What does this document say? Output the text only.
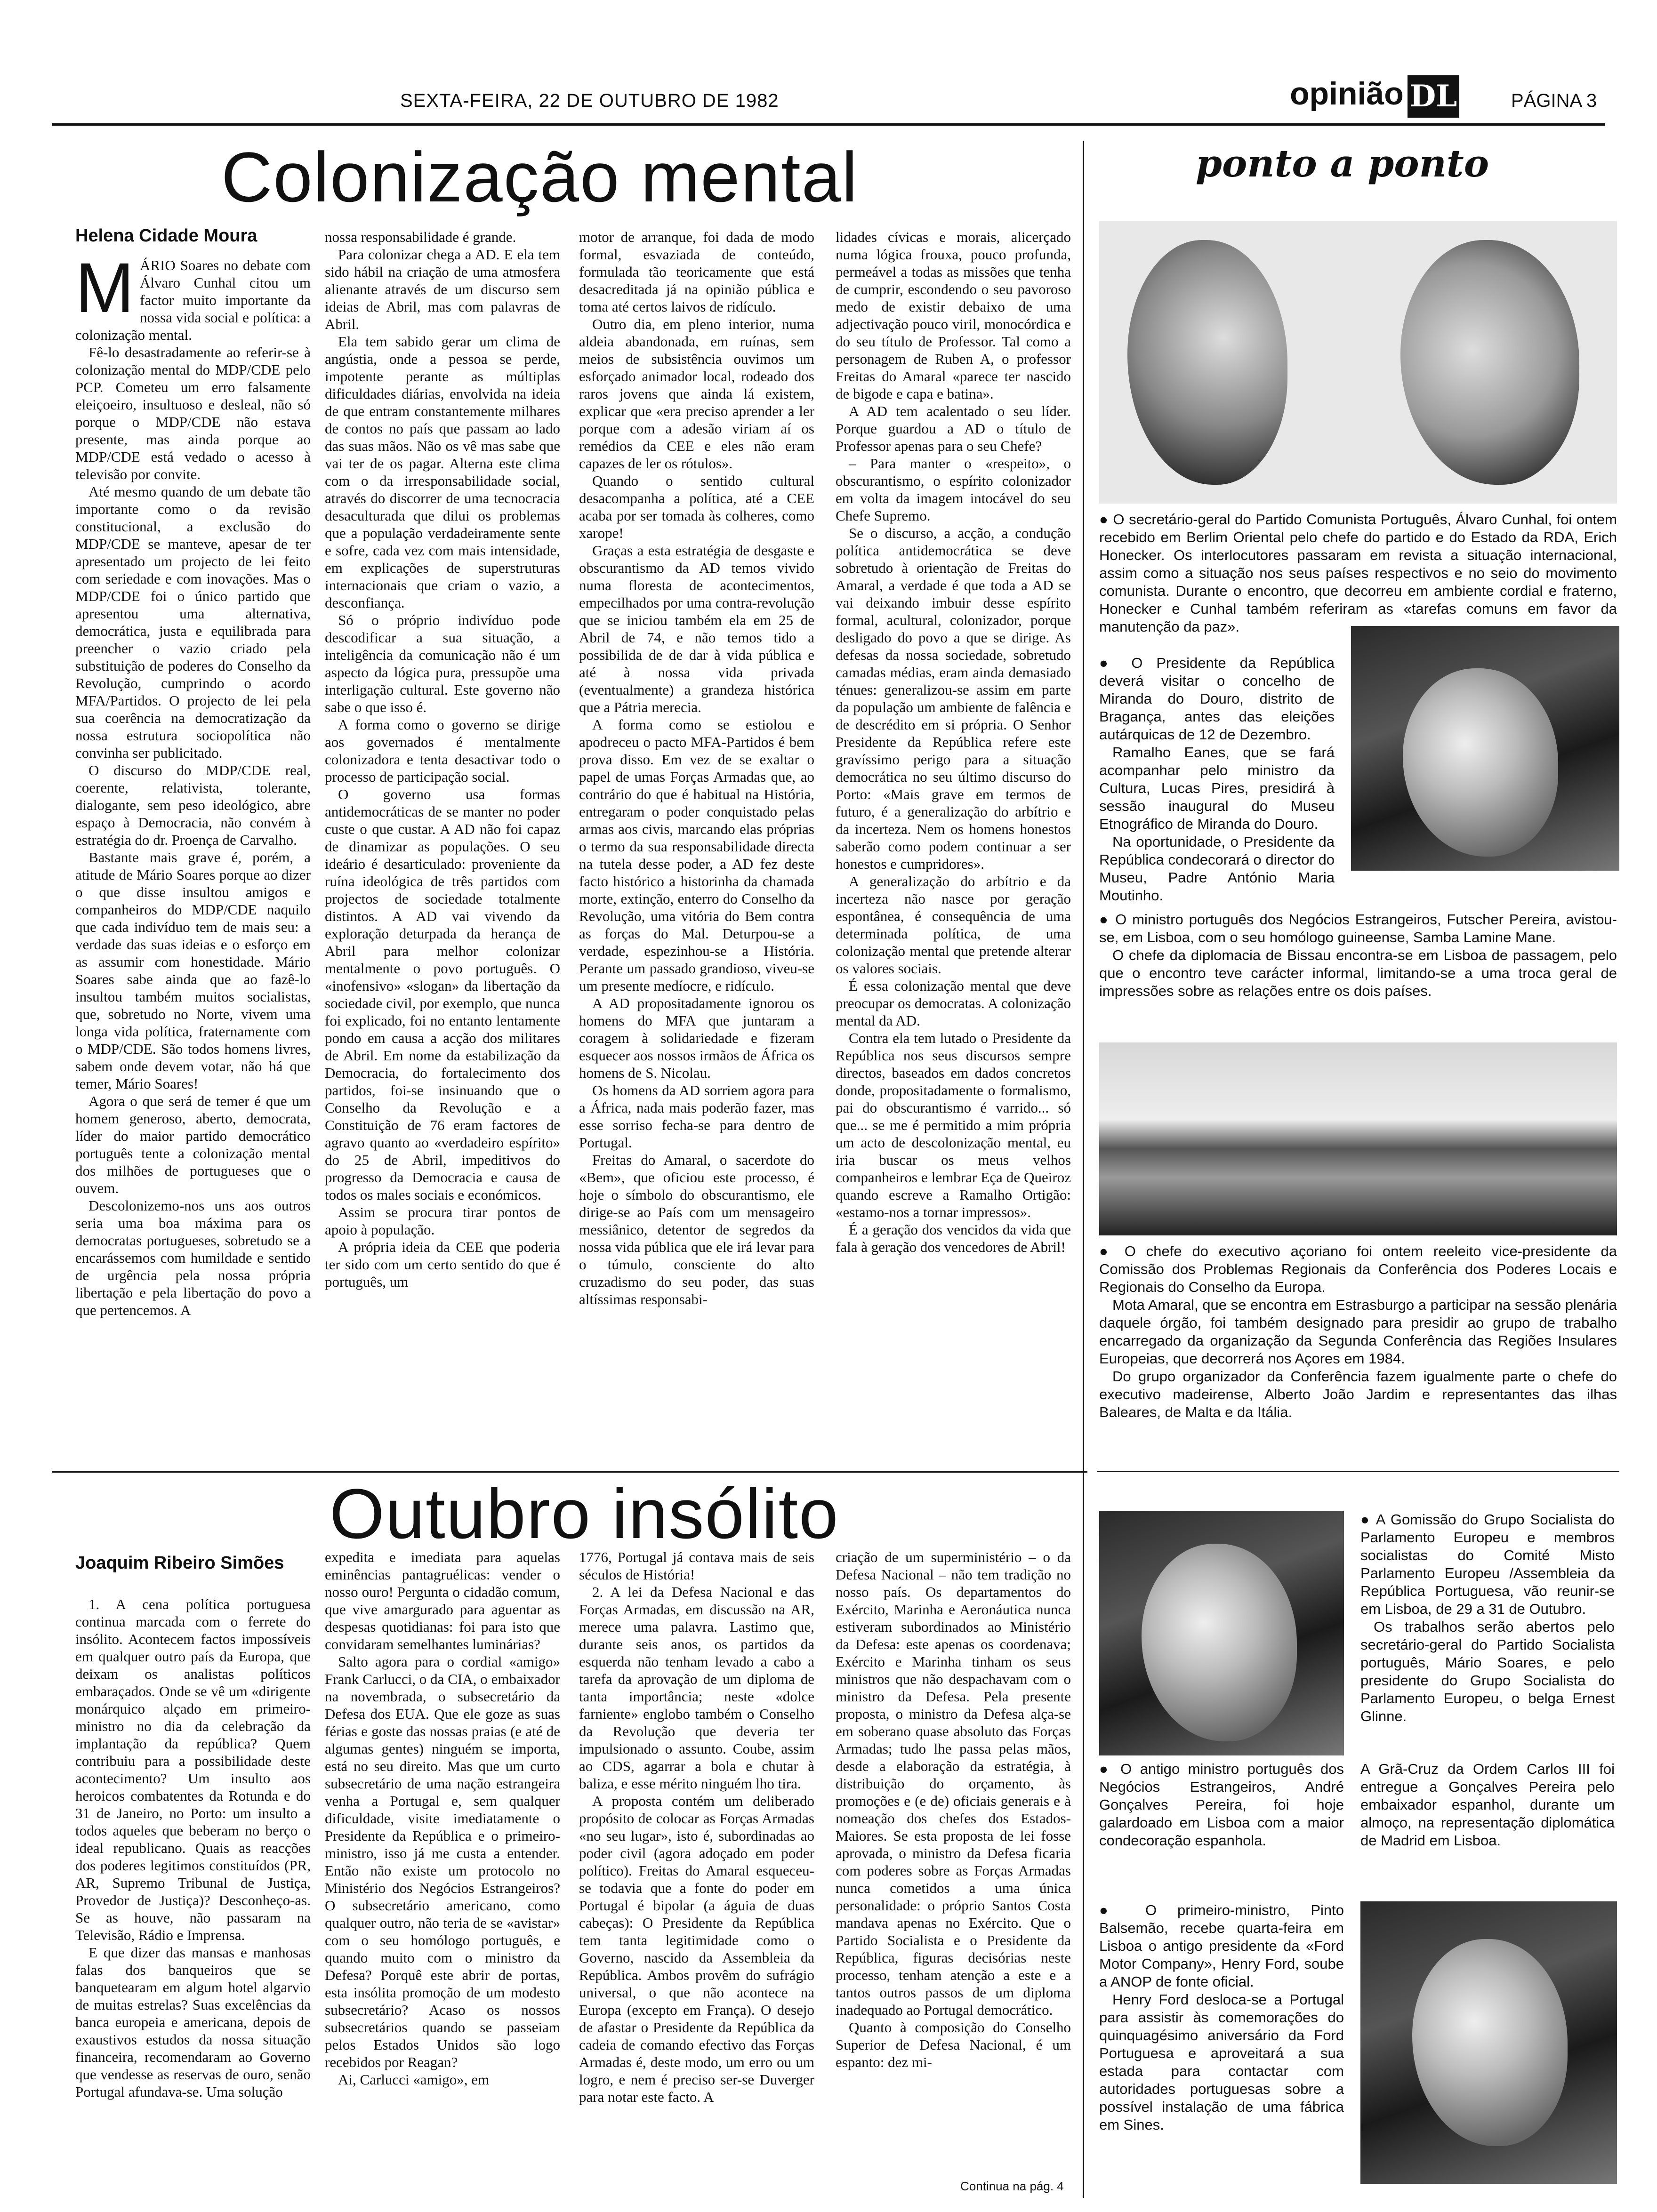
SEXTA-FEIRA, 22 DE OUTUBRO DE 1982	opinião DL	PÁGINA 3
Colonização mental
Helena Cidade Moura
M ÁRIO Soares no debate com Álvaro Cunhal citou um factor muito importante da nossa vida social e política: a colonização mental.

Fê-lo desastradamente ao referir-se à colonização mental do MDP/CDE pelo PCP. Cometeu um erro falsamente eleiçoeiro, insultuoso e desleal, não só porque o MDP/CDE não estava presente, mas ainda porque ao MDP/CDE está vedado o acesso à televisão por convite.

Até mesmo quando de um debate tão importante como o da revisão constitucional, a exclusão do MDP/CDE se manteve, apesar de ter apresentado um projecto de lei feito com seriedade e com inovações. Mas o MDP/CDE foi o único partido que apresentou uma alternativa, democrática, justa e equilibrada para preencher o vazio criado pela substituição de poderes do Conselho da Revolução, cumprindo o acordo MFA/Partidos. O projecto de lei pela sua coerência na democratização da nossa estrutura sociopolítica não convinha ser publicitado.

O discurso do MDP/CDE real, coerente, relativista, tolerante, dialogante, sem peso ideológico, abre espaço à Democracia, não convém à estratégia do dr. Proença de Carvalho.

Bastante mais grave é, porém, a atitude de Mário Soares porque ao dizer o que disse insultou amigos e companheiros do MDP/CDE naquilo que cada indivíduo tem de mais seu: a verdade das suas ideias e o esforço em as assumir com honestidade. Mário Soares sabe ainda que ao fazê-lo insultou também muitos socialistas, que, sobretudo no Norte, vivem uma longa vida política, fraternamente com o MDP/CDE. São todos homens livres, sabem onde devem votar, não há que temer, Mário Soares!

Agora o que será de temer é que um homem generoso, aberto, democrata, líder do maior partido democrático português tente a colonização mental dos milhões de portugueses que o ouvem.

Descolonizemo-nos uns aos outros seria uma boa máxima para os democratas portugueses, sobretudo se a encarássemos com humildade e sentido de urgência pela nossa própria libertação e pela libertação do povo a que pertencemos. A

nossa responsabilidade é grande.

Para colonizar chega a AD. E ela tem sido hábil na criação de uma atmosfera alienante através de um discurso sem ideias de Abril, mas com palavras de Abril.

Ela tem sabido gerar um clima de angústia, onde a pessoa se perde, impotente perante as múltiplas dificuldades diárias, envolvida na ideia de que entram constantemente milhares de contos no país que passam ao lado das suas mãos. Não os vê mas sabe que vai ter de os pagar. Alterna este clima com o da irresponsabilidade social, através do discorrer de uma tecnocracia desaculturada que dilui os problemas que a população verdadeiramente sente e sofre, cada vez com mais intensidade, em explicações de superstruturas internacionais que criam o vazio, a desconfiança.

Só o próprio indivíduo pode descodificar a sua situação, a inteligência da comunicação não é um aspecto da lógica pura, pressupõe uma interligação cultural. Este governo não sabe o que isso é.

A forma como o governo se dirige aos governados é mentalmente colonizadora e tenta desactivar todo o processo de participação social.

O governo usa formas antidemocráticas de se manter no poder custe o que custar. A AD não foi capaz de dinamizar as populações. O seu ideário é desarticulado: proveniente da ruína ideológica de três partidos com projectos de sociedade totalmente distintos. A AD vai vivendo da exploração deturpada da herança de Abril para melhor colonizar mentalmente o povo português. O «inofensivo» «slogan» da libertação da sociedade civil, por exemplo, que nunca foi explicado, foi no entanto lentamente pondo em causa a acção dos militares de Abril. Em nome da estabilização da Democracia, do fortalecimento dos partidos, foi-se insinuando que o Conselho da Revolução e a Constituição de 76 eram factores de agravo quanto ao «verdadeiro espírito» do 25 de Abril, impeditivos do progresso da Democracia e causa de todos os males sociais e económicos.

Assim se procura tirar pontos de apoio à população.

A própria ideia da CEE que poderia ter sido com um certo sentido do que é português, um

motor de arranque, foi dada de modo formal, esvaziada de conteúdo, formulada tão teoricamente que está desacreditada já na opinião pública e toma até certos laivos de ridículo.

Outro dia, em pleno interior, numa aldeia abandonada, em ruínas, sem meios de subsistência ouvimos um esforçado animador local, rodeado dos raros jovens que ainda lá existem, explicar que «era preciso aprender a ler porque com a adesão viriam aí os remédios da CEE e eles não eram capazes de ler os rótulos».

Quando o sentido cultural desacompanha a política, até a CEE acaba por ser tomada às colheres, como xarope!

Graças a esta estratégia de desgaste e obscurantismo da AD temos vivido numa floresta de acontecimentos, empecilhados por uma contra-revolução que se iniciou também ela em 25 de Abril de 74, e não temos tido a possibilida de de dar à vida pública e até à nossa vida privada (eventualmente) a grandeza histórica que a Pátria merecia.

A forma como se estiolou e apodreceu o pacto MFA-Partidos é bem prova disso. Em vez de se exaltar o papel de umas Forças Armadas que, ao contrário do que é habitual na História, entregaram o poder conquistado pelas armas aos civis, marcando elas próprias o termo da sua responsabilidade directa na tutela desse poder, a AD fez deste facto histórico a historinha da chamada morte, extinção, enterro do Conselho da Revolução, uma vitória do Bem contra as forças do Mal. Deturpou-se a verdade, espezinhou-se a História. Perante um passado grandioso, viveu-se um presente medíocre, e ridículo.

A AD propositadamente ignorou os homens do MFA que juntaram a coragem à solidariedade e fizeram esquecer aos nossos irmãos de África os homens de S. Nicolau.

Os homens da AD sorriem agora para a África, nada mais poderão fazer, mas esse sorriso fecha-se para dentro de Portugal.

Freitas do Amaral, o sacerdote do «Bem», que oficiou este processo, é hoje o símbolo do obscurantismo, ele dirige-se ao País com um mensageiro messiânico, detentor de segredos da nossa vida pública que ele irá levar para o túmulo, consciente do alto cruzadismo do seu poder, das suas altíssimas responsabi-

lidades cívicas e morais, alicerçado numa lógica frouxa, pouco profunda, permeável a todas as missões que tenha de cumprir, escondendo o seu pavoroso medo de existir debaixo de uma adjectivação pouco viril, monocórdica e do seu título de Professor. Tal como a personagem de Ruben A, o professor Freitas do Amaral «parece ter nascido de bigode e capa e batina».

A AD tem acalentado o seu líder. Porque guardou a AD o título de Professor apenas para o seu Chefe?

– Para manter o «respeito», o obscurantismo, o espírito colonizador em volta da imagem intocável do seu Chefe Supremo.

Se o discurso, a acção, a condução política antidemocrática se deve sobretudo à orientação de Freitas do Amaral, a verdade é que toda a AD se vai deixando imbuir desse espírito formal, acultural, colonizador, porque desligado do povo a que se dirige. As defesas da nossa sociedade, sobretudo camadas médias, eram ainda demasiado ténues: generalizou-se assim em parte da população um ambiente de falência e de descrédito em si própria. O Senhor Presidente da República refere este gravíssimo perigo para a situação democrática no seu último discurso do Porto: «Mais grave em termos de futuro, é a generalização do arbítrio e da incerteza. Nem os homens honestos saberão como podem continuar a ser honestos e cumpridores».

A generalização do arbítrio e da incerteza não nasce por geração espontânea, é consequência de uma determinada política, de uma colonização mental que pretende alterar os valores sociais.

É essa colonização mental que deve preocupar os democratas. A colonização mental da AD.

Contra ela tem lutado o Presidente da República nos seus discursos sempre directos, baseados em dados concretos donde, propositadamente o formalismo, pai do obscurantismo é varrido... só que... se me é permitido a mim própria um acto de descolonização mental, eu iria buscar os meus velhos companheiros e lembrar Eça de Queiroz quando escreve a Ramalho Ortigão: «estamo-nos a tornar impressos».

É a geração dos vencidos da vida que fala à geração dos vencedores de Abril!

Outubro insólito
Joaquim Ribeiro Simões

1. A cena política portuguesa continua marcada com o ferrete do insólito. Acontecem factos impossíveis em qualquer outro país da Europa, que deixam os analistas políticos embaraçados. Onde se vê um «dirigente monárquico alçado em primeiro-ministro no dia da celebração da implantação da república? Quem contribuiu para a possibilidade deste acontecimento? Um insulto aos heroicos combatentes da Rotunda e do 31 de Janeiro, no Porto: um insulto a todos aqueles que beberam no berço o ideal republicano. Quais as reacções dos poderes legitimos constituídos (PR, AR, Supremo Tribunal de Justiça, Provedor de Justiça)? Desconheço-as. Se as houve, não passaram na Televisão, Rádio e Imprensa.

E que dizer das mansas e manhosas falas dos banqueiros que se banquetearam em algum hotel algarvio de muitas estrelas? Suas excelências da banca europeia e americana, depois de exaustivos estudos da nossa situação financeira, recomendaram ao Governo que vendesse as reservas de ouro, senão Portugal afundava-se. Uma solução

expedita e imediata para aquelas eminências pantagruélicas: vender o nosso ouro! Pergunta o cidadão comum, que vive amargurado para aguentar as despesas quotidianas: foi para isto que convidaram semelhantes luminárias?

Salto agora para o cordial «amigo» Frank Carlucci, o da CIA, o embaixador na novembrada, o subsecretário da Defesa dos EUA. Que ele goze as suas férias e goste das nossas praias (e até de algumas gentes) ninguém se importa, está no seu direito. Mas que um curto subsecretário de uma nação estrangeira venha a Portugal e, sem qualquer dificuldade, visite imediatamente o Presidente da República e o primeiro-ministro, isso já me custa a entender. Então não existe um protocolo no Ministério dos Negócios Estrangeiros? O subsecretário americano, como qualquer outro, não teria de se «avistar» com o seu homólogo português, e quando muito com o ministro da Defesa? Porquê este abrir de portas, esta insólita promoção de um modesto subsecretário? Acaso os nossos subsecretários quando se passeiam pelos Estados Unidos são logo recebidos por Reagan?

Ai, Carlucci «amigo», em

1776, Portugal já contava mais de seis séculos de História!

2. A lei da Defesa Nacional e das Forças Armadas, em discussão na AR, merece uma palavra. Lastimo que, durante seis anos, os partidos da esquerda não tenham levado a cabo a tarefa da aprovação de um diploma de tanta importância; neste «dolce farniente» englobo também o Conselho da Revolução que deveria ter impulsionado o assunto. Coube, assim ao CDS, agarrar a bola e chutar à baliza, e esse mérito ninguém lho tira.

A proposta contém um deliberado propósito de colocar as Forças Armadas «no seu lugar», isto é, subordinadas ao poder civil (agora adoçado em poder político). Freitas do Amaral esqueceu-se todavia que a fonte do poder em Portugal é bipolar (a águia de duas cabeças): O Presidente da República tem tanta legitimidade como o Governo, nascido da Assembleia da República. Ambos provêm do sufrágio universal, o que não acontece na Europa (excepto em França). O desejo de afastar o Presidente da República da cadeia de comando efectivo das Forças Armadas é, deste modo, um erro ou um logro, e nem é preciso ser-se Duverger para notar este facto. A

criação de um superministério – o da Defesa Nacional – não tem tradição no nosso país. Os departamentos do Exército, Marinha e Aeronáutica nunca estiveram subordinados ao Ministério da Defesa: este apenas os coordenava; Exército e Marinha tinham os seus ministros que não despachavam com o ministro da Defesa. Pela presente proposta, o ministro da Defesa alça-se em soberano quase absoluto das Forças Armadas; tudo lhe passa pelas mãos, desde a elaboração da estratégia, à distribuição do orçamento, às promoções e (e de) oficiais generais e à nomeação dos chefes dos Estados-Maiores. Se esta proposta de lei fosse aprovada, o ministro da Defesa ficaria com poderes sobre as Forças Armadas nunca cometidos a uma única personalidade: o próprio Santos Costa mandava apenas no Exército. Que o Partido Socialista e o Presidente da República, figuras decisórias neste processo, tenham atenção a este e a tantos outros passos de um diploma inadequado ao Portugal democrático.

Quanto à composição do Conselho Superior de Defesa Nacional, é um espanto: dez mi-

Continua na pág. 4
ponto a ponto
● O secretário-geral do Partido Comunista Português, Álvaro Cunhal, foi ontem recebido em Berlim Oriental pelo chefe do partido e do Estado da RDA, Erich Honecker. Os interlocutores passaram em revista a situação internacional, assim como a situação nos seus países respectivos e no seio do movimento comunista. Durante o encontro, que decorreu em ambiente cordial e fraterno, Honecker e Cunhal também referiram as «tarefas comuns em favor da manutenção da paz».
● O Presidente da República deverá visitar o concelho de Miranda do Douro, distrito de Bragança, antes das eleições autárquicas de 12 de Dezembro.
Ramalho Eanes, que se fará acompanhar pelo ministro da Cultura, Lucas Pires, presidirá à sessão inaugural do Museu Etnográfico de Miranda do Douro.
Na oportunidade, o Presidente da República condecorará o director do Museu, Padre António Maria Moutinho.
● O ministro português dos Negócios Estrangeiros, Futscher Pereira, avistou-se, em Lisboa, com o seu homólogo guineense, Samba Lamine Mane.
O chefe da diplomacia de Bissau encontra-se em Lisboa de passagem, pelo que o encontro teve carácter informal, limitando-se a uma troca geral de impressões sobre as relações entre os dois países.
● O chefe do executivo açoriano foi ontem reeleito vice-presidente da Comissão dos Problemas Regionais da Conferência dos Poderes Locais e Regionais do Conselho da Europa.
Mota Amaral, que se encontra em Estrasburgo a participar na sessão plenária daquele órgão, foi também designado para presidir ao grupo de trabalho encarregado da organização da Segunda Conferência das Regiões Insulares Europeias, que decorrerá nos Açores em 1984.
Do grupo organizador da Conferência fazem igualmente parte o chefe do executivo madeirense, Alberto João Jardim e representantes das ilhas Baleares, de Malta e da Itália.
● A Gomissão do Grupo Socialista do Parlamento Europeu e membros socialistas do Comité Misto Parlamento Europeu /Assembleia da República Portuguesa, vão reunir-se em Lisboa, de 29 a 31 de Outubro.
Os trabalhos serão abertos pelo secretário-geral do Partido Socialista português, Mário Soares, e pelo presidente do Grupo Socialista do Parlamento Europeu, o belga Ernest Glinne.
● O antigo ministro português dos Negócios Estrangeiros, André Gonçalves Pereira, foi hoje galardoado em Lisboa com a maior condecoração espanhola.
A Grã-Cruz da Ordem Carlos III foi entregue a Gonçalves Pereira pelo embaixador espanhol, durante um almoço, na representação diplomática de Madrid em Lisboa.
● O primeiro-ministro, Pinto Balsemão, recebe quarta-feira em Lisboa o antigo presidente da «Ford Motor Company», Henry Ford, soube a ANOP de fonte oficial.
Henry Ford desloca-se a Portugal para assistir às comemorações do quinquagésimo aniversário da Ford Portuguesa e aproveitará a sua estada para contactar com autoridades portuguesas sobre a possível instalação de uma fábrica em Sines.
